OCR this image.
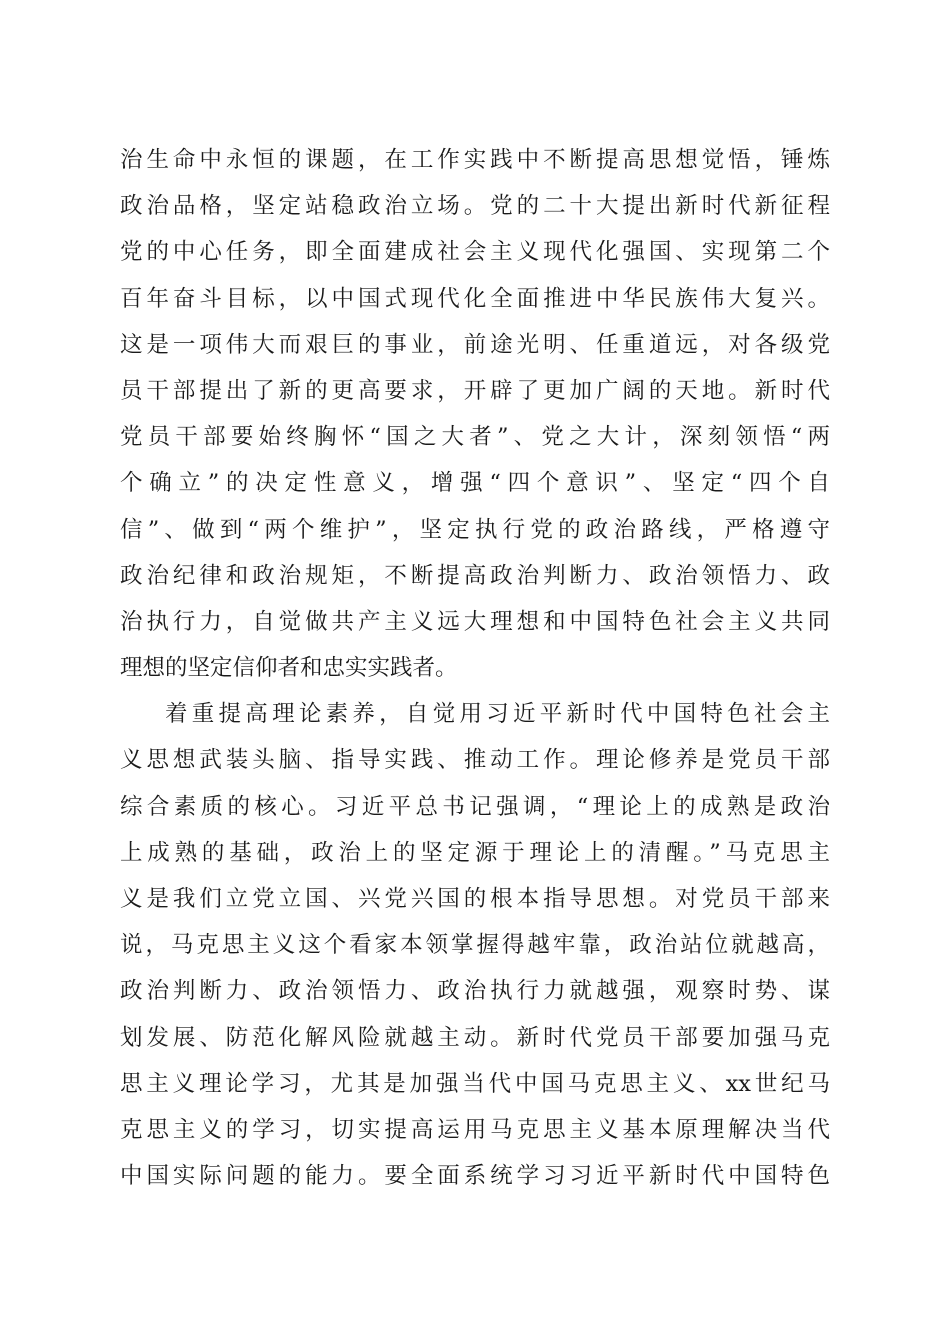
治生命中永恒的课题，在工作实践中不断提高思想觉悟，锤炼
政治品格，坚定站稳政治立场。党的二十大提出新时代新征程
党的中心任务，即全面建成社会主义现代化强国、实现第二个
百年奋斗目标，以中国式现代化全面推进中华民族伟大复兴。
这是一项伟大而艰巨的事业，前途光明、任重道远，对各级党
员干部提出了新的更高要求，开辟了更加广阔的天地。新时代
党员干部要始终胸怀“国之大者”、党之大计，深刻领悟“两
个确立”的决定性意义，增强“四个意识”、坚定“四个自
信”、做到“两个维护”，坚定执行党的政治路线，严格遵守
政治纪律和政治规矩，不断提高政治判断力、政治领悟力、政
治执行力，自觉做共产主义远大理想和中国特色社会主义共同
理想的坚定信仰者和忠实实践者。
着重提高理论素养，自觉用习近平新时代中国特色社会主
义思想武装头脑、指导实践、推动工作。理论修养是党员干部
综合素质的核心。习近平总书记强调，“理论上的成熟是政治
上成熟的基础，政治上的坚定源于理论上的清醒。”马克思主
义是我们立党立国、兴党兴国的根本指导思想。对党员干部来
说，马克思主义这个看家本领掌握得越牢靠，政治站位就越高，
政治判断力、政治领悟力、政治执行力就越强，观察时势、谋
划发展、防范化解风险就越主动。新时代党员干部要加强马克
思主义理论学习，尤其是加强当代中国马克思主义、xx世纪马
克思主义的学习，切实提高运用马克思主义基本原理解决当代
中国实际问题的能力。要全面系统学习习近平新时代中国特色
